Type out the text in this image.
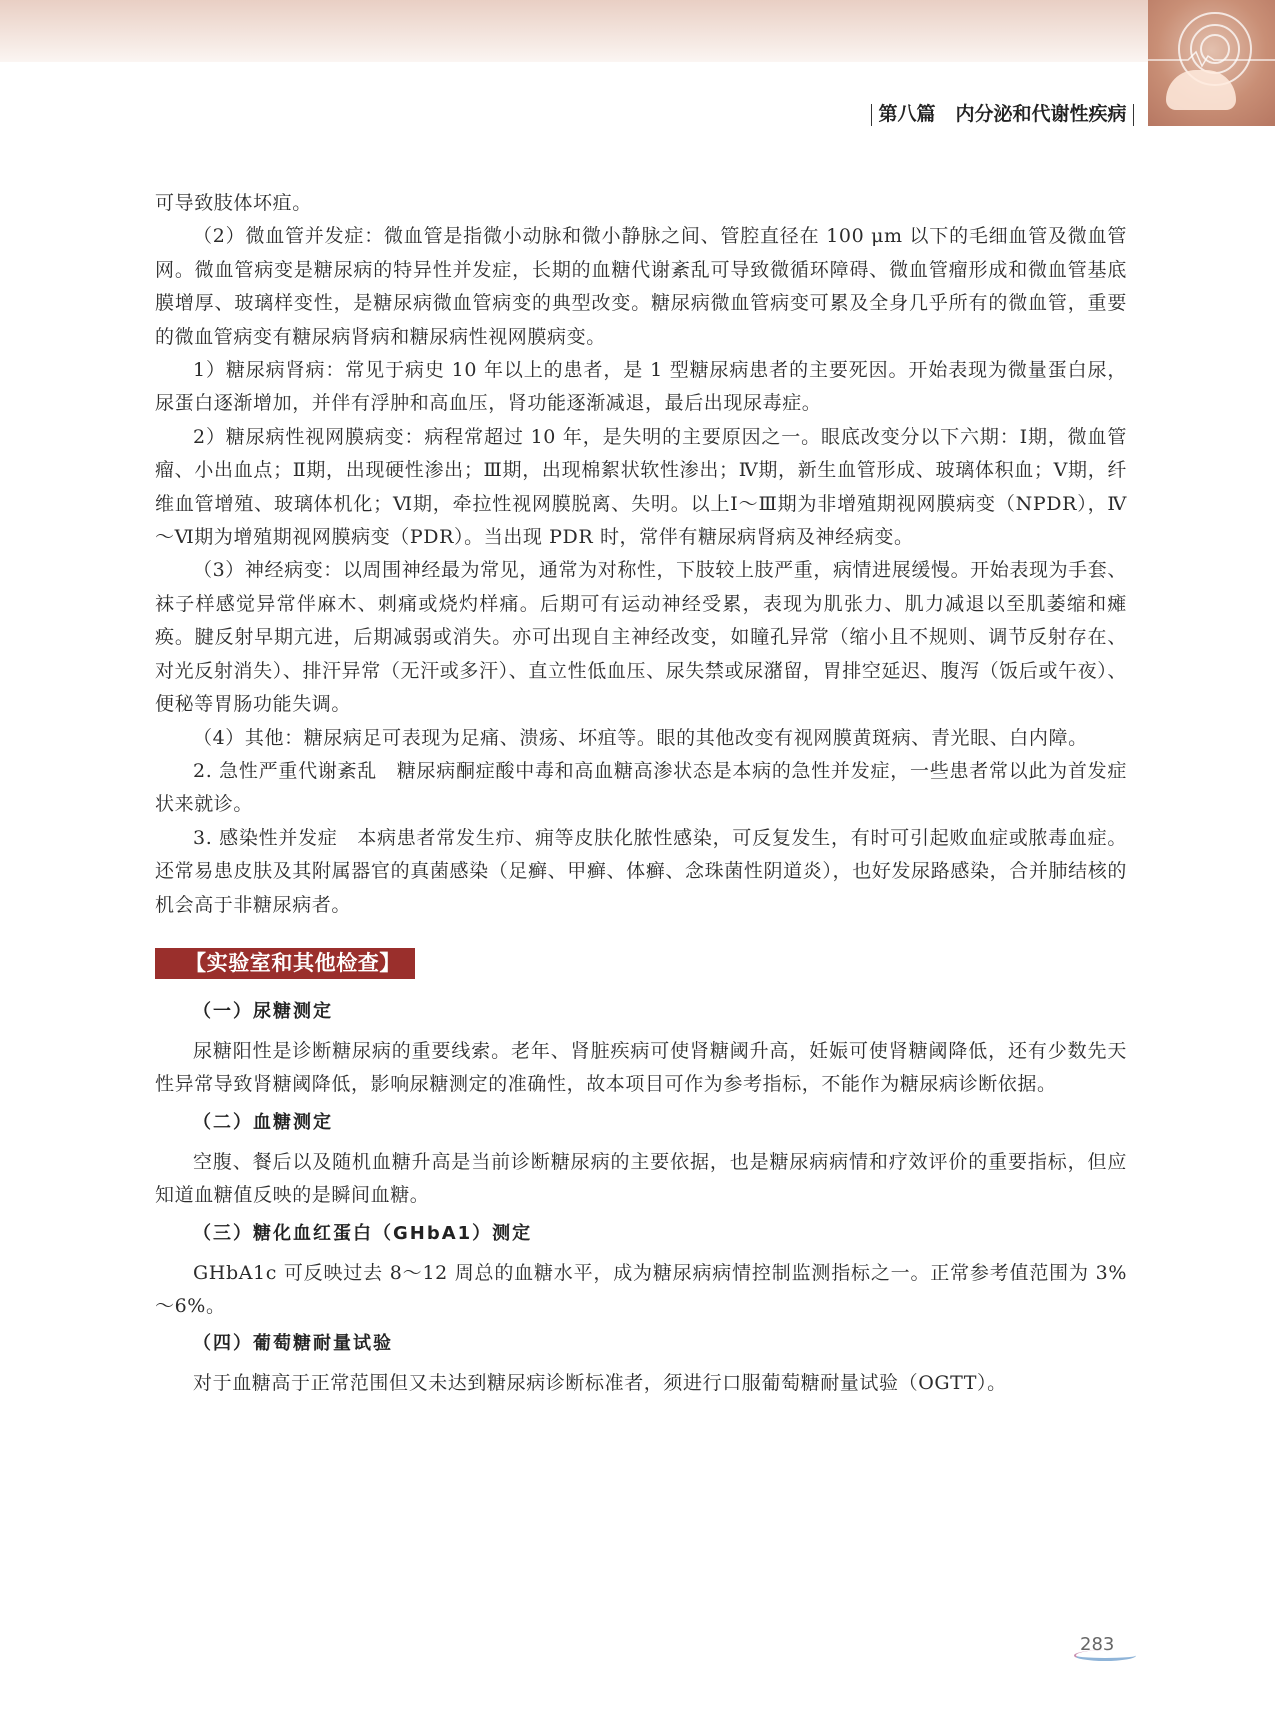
第八篇 内分泌和代谢性疾病

可导致肢体坏疽。

（2）微血管并发症：微血管是指微小动脉和微小静脉之间、管腔直径在 100 μm 以下的毛细血管及微血管网。微血管病变是糖尿病的特异性并发症，长期的血糖代谢紊乱可导致微循环障碍、微血管瘤形成和微血管基底膜增厚、玻璃样变性，是糖尿病微血管病变的典型改变。糖尿病微血管病变可累及全身几乎所有的微血管，重要的微血管病变有糖尿病肾病和糖尿病性视网膜病变。

1）糖尿病肾病：常见于病史 10 年以上的患者，是 1 型糖尿病患者的主要死因。开始表现为微量蛋白尿，尿蛋白逐渐增加，并伴有浮肿和高血压，肾功能逐渐减退，最后出现尿毒症。

2）糖尿病性视网膜病变：病程常超过 10 年，是失明的主要原因之一。眼底改变分以下六期：Ⅰ期，微血管瘤、小出血点；Ⅱ期，出现硬性渗出；Ⅲ期，出现棉絮状软性渗出；Ⅳ期，新生血管形成、玻璃体积血；Ⅴ期，纤维血管增殖、玻璃体机化；Ⅵ期，牵拉性视网膜脱离、失明。以上Ⅰ～Ⅲ期为非增殖期视网膜病变（NPDR），Ⅳ～Ⅵ期为增殖期视网膜病变（PDR）。当出现 PDR 时，常伴有糖尿病肾病及神经病变。

（3）神经病变：以周围神经最为常见，通常为对称性，下肢较上肢严重，病情进展缓慢。开始表现为手套、袜子样感觉异常伴麻木、刺痛或烧灼样痛。后期可有运动神经受累，表现为肌张力、肌力减退以至肌萎缩和瘫痪。腱反射早期亢进，后期减弱或消失。亦可出现自主神经改变，如瞳孔异常（缩小且不规则、调节反射存在、对光反射消失）、排汗异常（无汗或多汗）、直立性低血压、尿失禁或尿潴留，胃排空延迟、腹泻（饭后或午夜）、便秘等胃肠功能失调。

（4）其他：糖尿病足可表现为足痛、溃疡、坏疽等。眼的其他改变有视网膜黄斑病、青光眼、白内障。

2. 急性严重代谢紊乱　糖尿病酮症酸中毒和高血糖高渗状态是本病的急性并发症，一些患者常以此为首发症状来就诊。

3. 感染性并发症　本病患者常发生疖、痈等皮肤化脓性感染，可反复发生，有时可引起败血症或脓毒血症。还常易患皮肤及其附属器官的真菌感染（足癣、甲癣、体癣、念珠菌性阴道炎），也好发尿路感染，合并肺结核的机会高于非糖尿病者。

【实验室和其他检查】
（一）尿糖测定

尿糖阳性是诊断糖尿病的重要线索。老年、肾脏疾病可使肾糖阈升高，妊娠可使肾糖阈降低，还有少数先天性异常导致肾糖阈降低，影响尿糖测定的准确性，故本项目可作为参考指标，不能作为糖尿病诊断依据。

（二）血糖测定

空腹、餐后以及随机血糖升高是当前诊断糖尿病的主要依据，也是糖尿病病情和疗效评价的重要指标，但应知道血糖值反映的是瞬间血糖。

（三）糖化血红蛋白（GHbA1）测定

GHbA1c 可反映过去 8～12 周总的血糖水平，成为糖尿病病情控制监测指标之一。正常参考值范围为 3%～6%。

（四）葡萄糖耐量试验

对于血糖高于正常范围但又未达到糖尿病诊断标准者，须进行口服葡萄糖耐量试验（OGTT）。

283
